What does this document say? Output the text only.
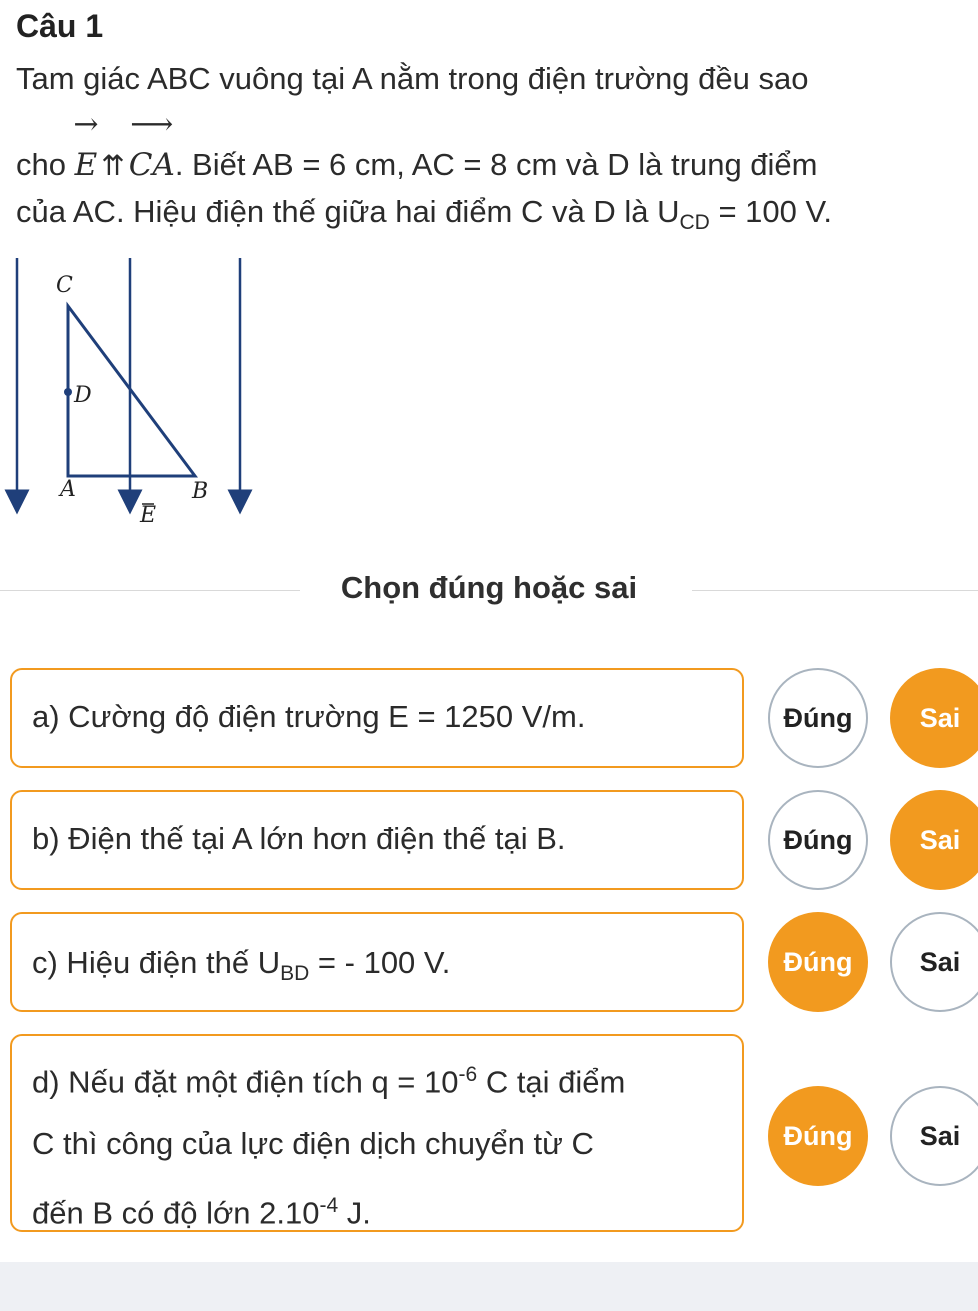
Câu 1
Tam giác ABC vuông tại A nằm trong điện trường đều sao
cho → E ⇈⟶ CA. Biết AB = 6 cm, AC = 8 cm và D là trung điểm
của AC. Hiệu điện thế giữa hai điểm C và D là $U_{CD} = 100$ V.
C
D
A	B
E
Chọn đúng hoặc sai
a) Cường độ điện trường E = 1250 V/m.	Đúng	Sai
b) Điện thế tại A lớn hơn điện thế tại B.	Đúng	Sai
c) Hiệu điện thế $U_{BD}$ = - 100 V.	Đúng	Sai
d) Nếu đặt một điện tích $q = 10^{-6}$ C tại điểm
C thì công của lực điện dịch chuyển từ C
đến B có độ lớn $2.10^{-4}$ J.
Đúng	Sai
